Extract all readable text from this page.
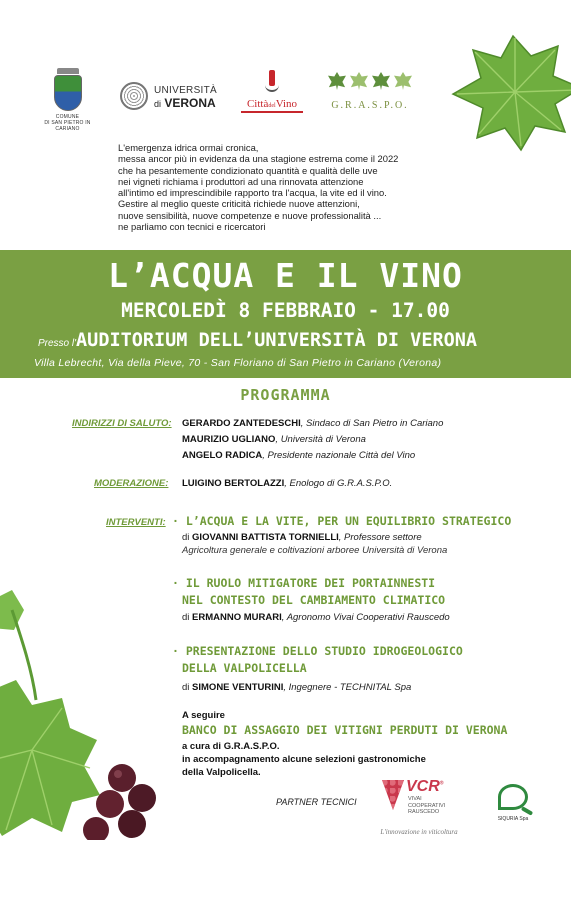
COMUNE
DI SAN PIETRO IN CARIANO
UNIVERSITÀ
di VERONA	CittàdelVino	G.R.A.S.P.O.

L'emergenza idrica ormai cronica,

messa ancor più in evidenza da una stagione estrema come il 2022

che ha pesantemente condizionato quantità e qualità delle uve

nei vigneti richiama i produttori ad una rinnovata attenzione

all'intimo ed imprescindibile rapporto tra l'acqua, la vite ed il vino.

Gestire al meglio queste criticità richiede nuove attenzioni,

nuove sensibilità, nuove competenze e nuove professionalità ...

ne parliamo con tecnici e ricercatori

L’ACQUA E IL VINO
MERCOLEDÌ 8 FEBBRAIO - 17.00
Presso l'AUDITORIUM DELL’UNIVERSITÀ DI VERONA
Villa Lebrecht, Via della Pieve, 70 - San Floriano di San Pietro in Cariano (Verona)
PROGRAMMA
INDIRIZZI DI SALUTO: GERARDO ZANTEDESCHI, Sindaco di San Pietro in Cariano
MAURIZIO UGLIANO, Università di Verona
ANGELO RADICA, Presidente nazionale Città del Vino
MODERAZIONE: LUIGINO BERTOLAZZI, Enologo di G.R.A.S.P.O.
INTERVENTI: · L’ACQUA E LA VITE, PER UN EQUILIBRIO STRATEGICO
di GIOVANNI BATTISTA TORNIELLI, Professore settore
Agricoltura generale e coltivazioni arboree Università di Verona
· IL RUOLO MITIGATORE DEI PORTAINNESTI
NEL CONTESTO DEL CAMBIAMENTO CLIMATICO
di ERMANNO MURARI, Agronomo Vivai Cooperativi Rauscedo
· PRESENTAZIONE DELLO STUDIO IDROGEOLOGICO
DELLA VALPOLICELLA
di SIMONE VENTURINI, Ingegnere - TECHNITAL Spa
A seguire
BANCO DI ASSAGGIO DEI VITIGNI PERDUTI DI VERONA
a cura di G.R.A.S.P.O.
in accompagnamento alcune selezioni gastronomiche
della Valpolicella.
PARTNER TECNICI
VCR®
VIVAI
COOPERATIVI
RAUSCEDO
L'innovazione in viticoltura
SIQURIA Spa
